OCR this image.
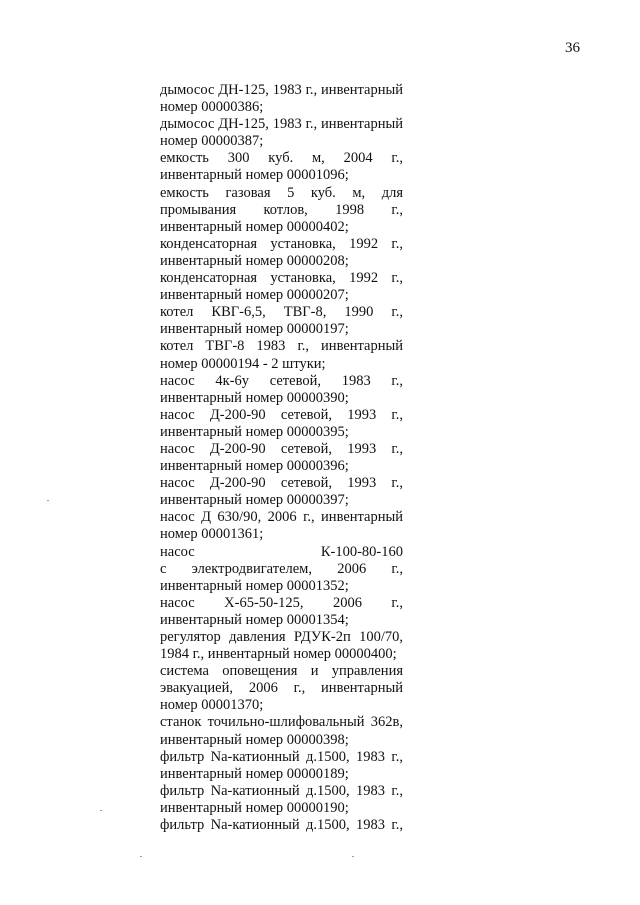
36
дымосос ДН-125, 1983 г., инвентарный
номер 00000386;
дымосос ДН-125, 1983 г., инвентарный
номер 00000387;
емкость 300 куб. м, 2004 г.,
инвентарный номер 00001096;
емкость газовая 5 куб. м, для
промывания котлов, 1998 г.,
инвентарный номер 00000402;
конденсаторная установка, 1992 г.,
инвентарный номер 00000208;
конденсаторная установка, 1992 г.,
инвентарный номер 00000207;
котел КВГ-6,5, ТВГ-8, 1990 г.,
инвентарный номер 00000197;
котел ТВГ-8 1983 г., инвентарный
номер 00000194 - 2 штуки;
насос 4к-6у сетевой, 1983 г.,
инвентарный номер 00000390;
насос Д-200-90 сетевой, 1993 г.,
инвентарный номер 00000395;
насос Д-200-90 сетевой, 1993 г.,
инвентарный номер 00000396;
насос Д-200-90 сетевой, 1993 г.,
инвентарный номер 00000397;
насос Д 630/90, 2006 г., инвентарный
номер 00001361;
насос К-100-80-160
с электродвигателем, 2006 г.,
инвентарный номер 00001352;
насос Х-65-50-125, 2006 г.,
инвентарный номер 00001354;
регулятор давления РДУК-2п 100/70,
1984 г., инвентарный номер 00000400;
система оповещения и управления
эвакуацией, 2006 г., инвентарный
номер 00001370;
станок точильно-шлифовальный 362в,
инвентарный номер 00000398;
фильтр Na-катионный д.1500, 1983 г.,
инвентарный номер 00000189;
фильтр Na-катионный д.1500, 1983 г.,
инвентарный номер 00000190;
фильтр Na-катионный д.1500, 1983 г.,
